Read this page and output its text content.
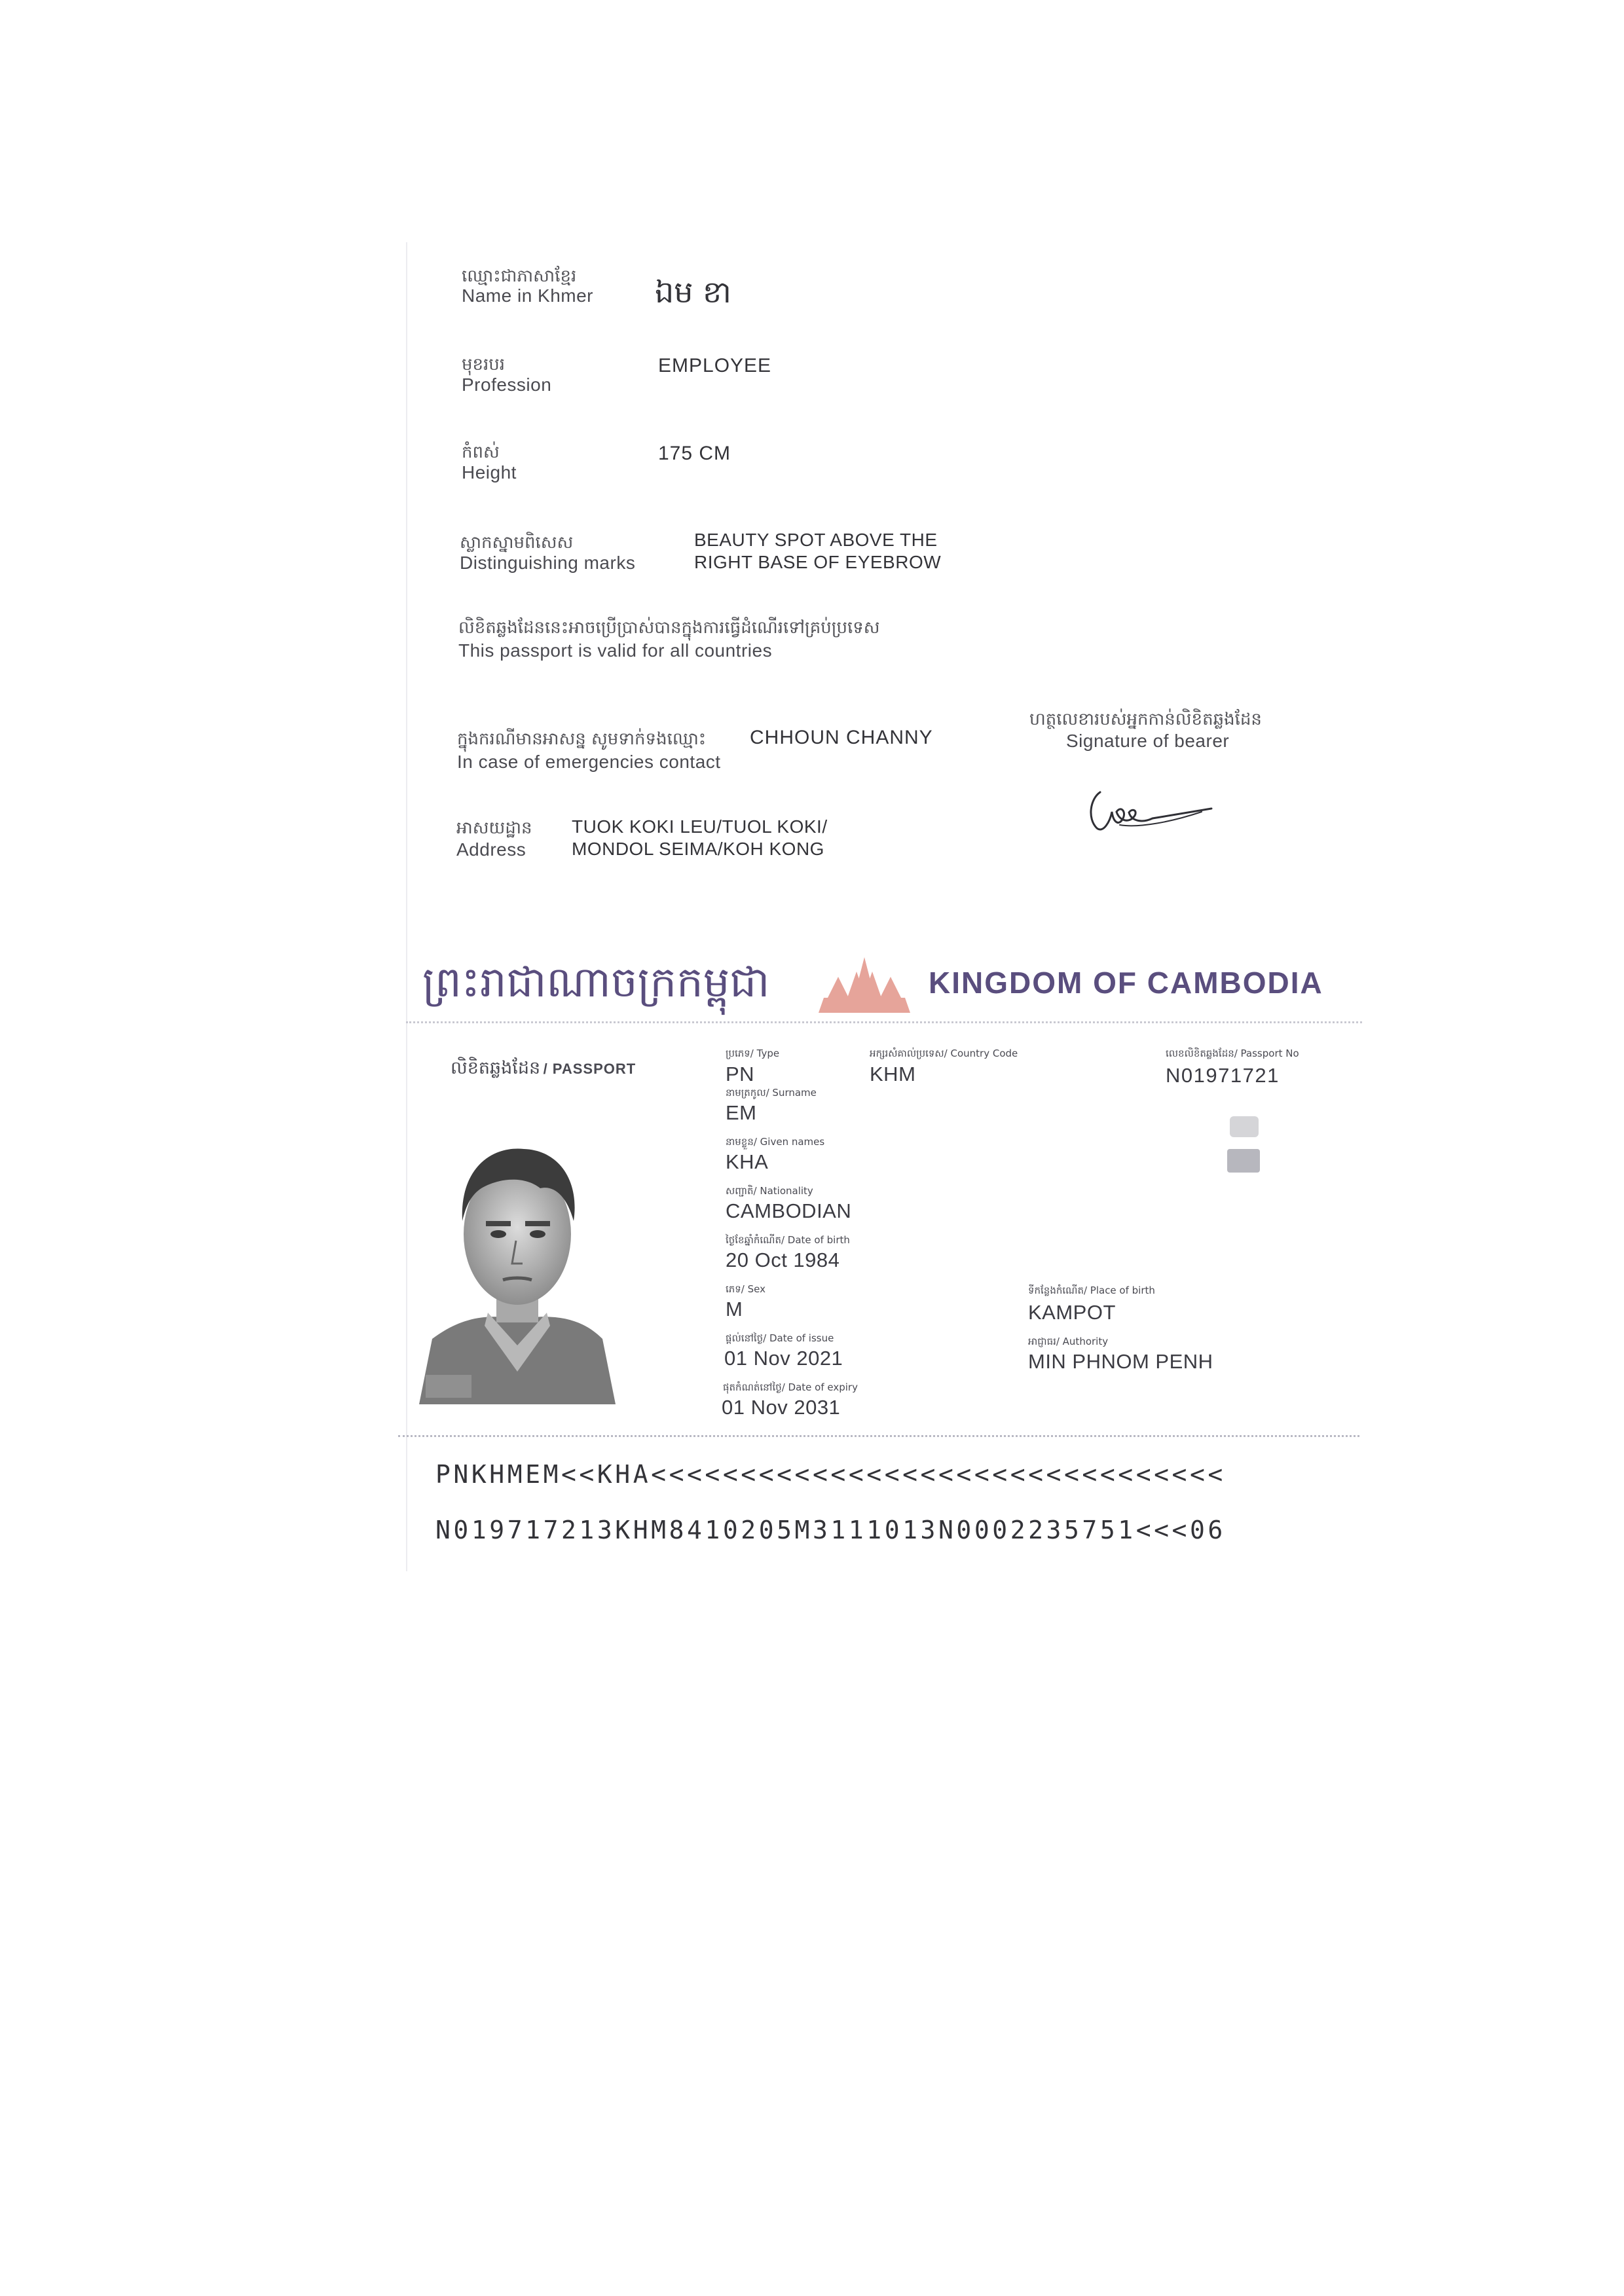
ឈ្មោះជាភាសាខ្មែរ
Name in Khmer ឯម ខា
មុខរបរ
Profession
EMPLOYEE
កំពស់
Height
175 CM
ស្លាកស្នាមពិសេស
Distinguishing marks
BEAUTY SPOT ABOVE THE
RIGHT BASE OF EYEBROW
លិខិតឆ្លងដែននេះអាចប្រើប្រាស់បានក្នុងការធ្វើដំណើរទៅគ្រប់ប្រទេស
This passport is valid for all countries
ក្នុងករណីមានអាសន្ន សូមទាក់ទងឈ្មោះ
In case of emergencies contact
CHHOUN CHANNY
ហត្ថលេខារបស់អ្នកកាន់លិខិតឆ្លងដែន
Signature of bearer
អាសយដ្ឋាន
Address
TUOK KOKI LEU/TUOL KOKI/
MONDOL SEIMA/KOH KONG
ព្រះរាជាណាចក្រកម្ពុជា	KINGDOM OF CAMBODIA
លិខិតឆ្លងដែន / PASSPORT
ប្រភេទ/ Type
PN
អក្សរសំគាល់ប្រទេស/ Country Code
KHM
លេខលិខិតឆ្លងដែន/ Passport No
N01971721
នាមត្រកូល/ Surname
EM
នាមខ្លួន/ Given names
KHA
សញ្ជាតិ/ Nationality
CAMBODIAN
ថ្ងៃខែឆ្នាំកំណើត/ Date of birth
20 Oct 1984
ភេទ/ Sex
M
ទីកន្លែងកំណើត/ Place of birth
KAMPOT
ផ្តល់នៅថ្ងៃ/ Date of issue
01 Nov 2021
អាជ្ញាធរ/ Authority
MIN PHNOM PENH
ផុតកំណត់នៅថ្ងៃ/ Date of expiry
01 Nov 2031
PNKHMEM<<KHA<<<<<<<<<<<<<<<<<<<<<<<<<<<<<<<<
N019717213KHM8410205M3111013N0002235751<<<06
